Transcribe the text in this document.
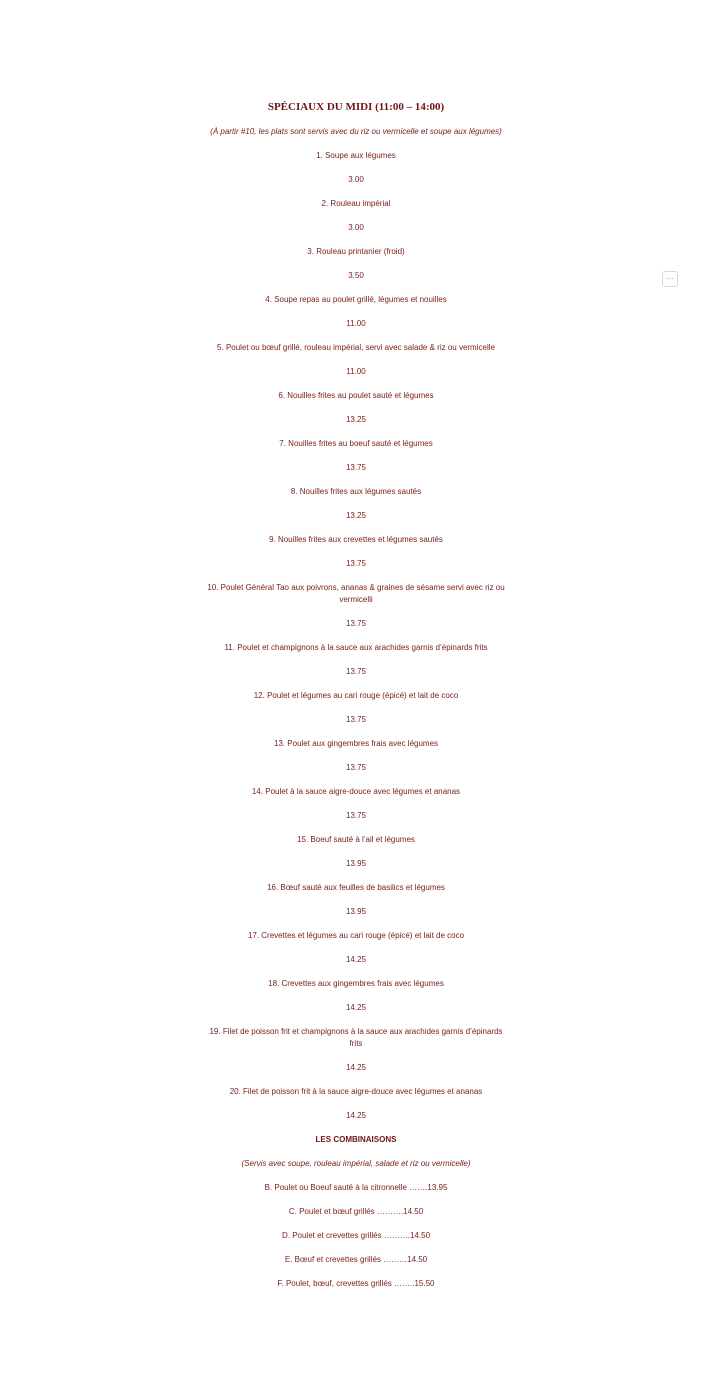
SPÉCIAUX DU MIDI (11:00 – 14:00)
(À partir #10, les plats sont servis avec du riz ou vermicelle et soupe aux légumes)
1. Soupe aux légumes
3.00
2. Rouleau impérial
3.00
3. Rouleau printanier (froid)
3.50
4. Soupe repas au poulet grillé, légumes et nouilles
11.00
5. Poulet ou bœuf grillé, rouleau impérial, servi avec salade & riz ou vermicelle
11.00
6. Nouilles frites au poulet sauté et légumes
13.25
7. Nouilles frites au boeuf sauté et légumes
13.75
8. Nouilles frites aux légumes sautés
13.25
9. Nouilles frites aux crevettes et légumes sautés
13.75
10. Poulet Général Tao aux poivrons, ananas & graines de sésame servi avec riz ou vermicelli
13.75
11. Poulet et champignons à la sauce aux arachides garnis d’épinards frits
13.75
12. Poulet et légumes au cari rouge (épicé) et lait de coco
13.75
13. Poulet aux gingembres frais avec légumes
13.75
14. Poulet à la sauce aigre-douce avec légumes et ananas
13.75
15. Boeuf sauté à l’ail et légumes
13.95
16. Bœuf sauté aux feuilles de basilics et légumes
13.95
17. Crevettes et légumes au cari rouge (épicé) et lait de coco
14.25
18. Crevettes aux gingembres frais avec légumes
14.25
19. Filet de poisson frit et champignons à la sauce aux arachides garnis d’épinards frits
14.25
20. Filet de poisson frit à la sauce aigre-douce avec légumes et ananas
14.25
LES COMBINAISONS
(Servis avec soupe, rouleau impérial, salade et riz ou vermicelle)
B. Poulet ou Boeuf sauté à la citronnelle …….13.95
C. Poulet et bœuf grillés ……….14.50
D. Poulet et crevettes grillés ……….14.50
E. Bœuf et crevettes grillés ………14.50
F. Poulet, bœuf, crevettes grillés ……..15.50
···
